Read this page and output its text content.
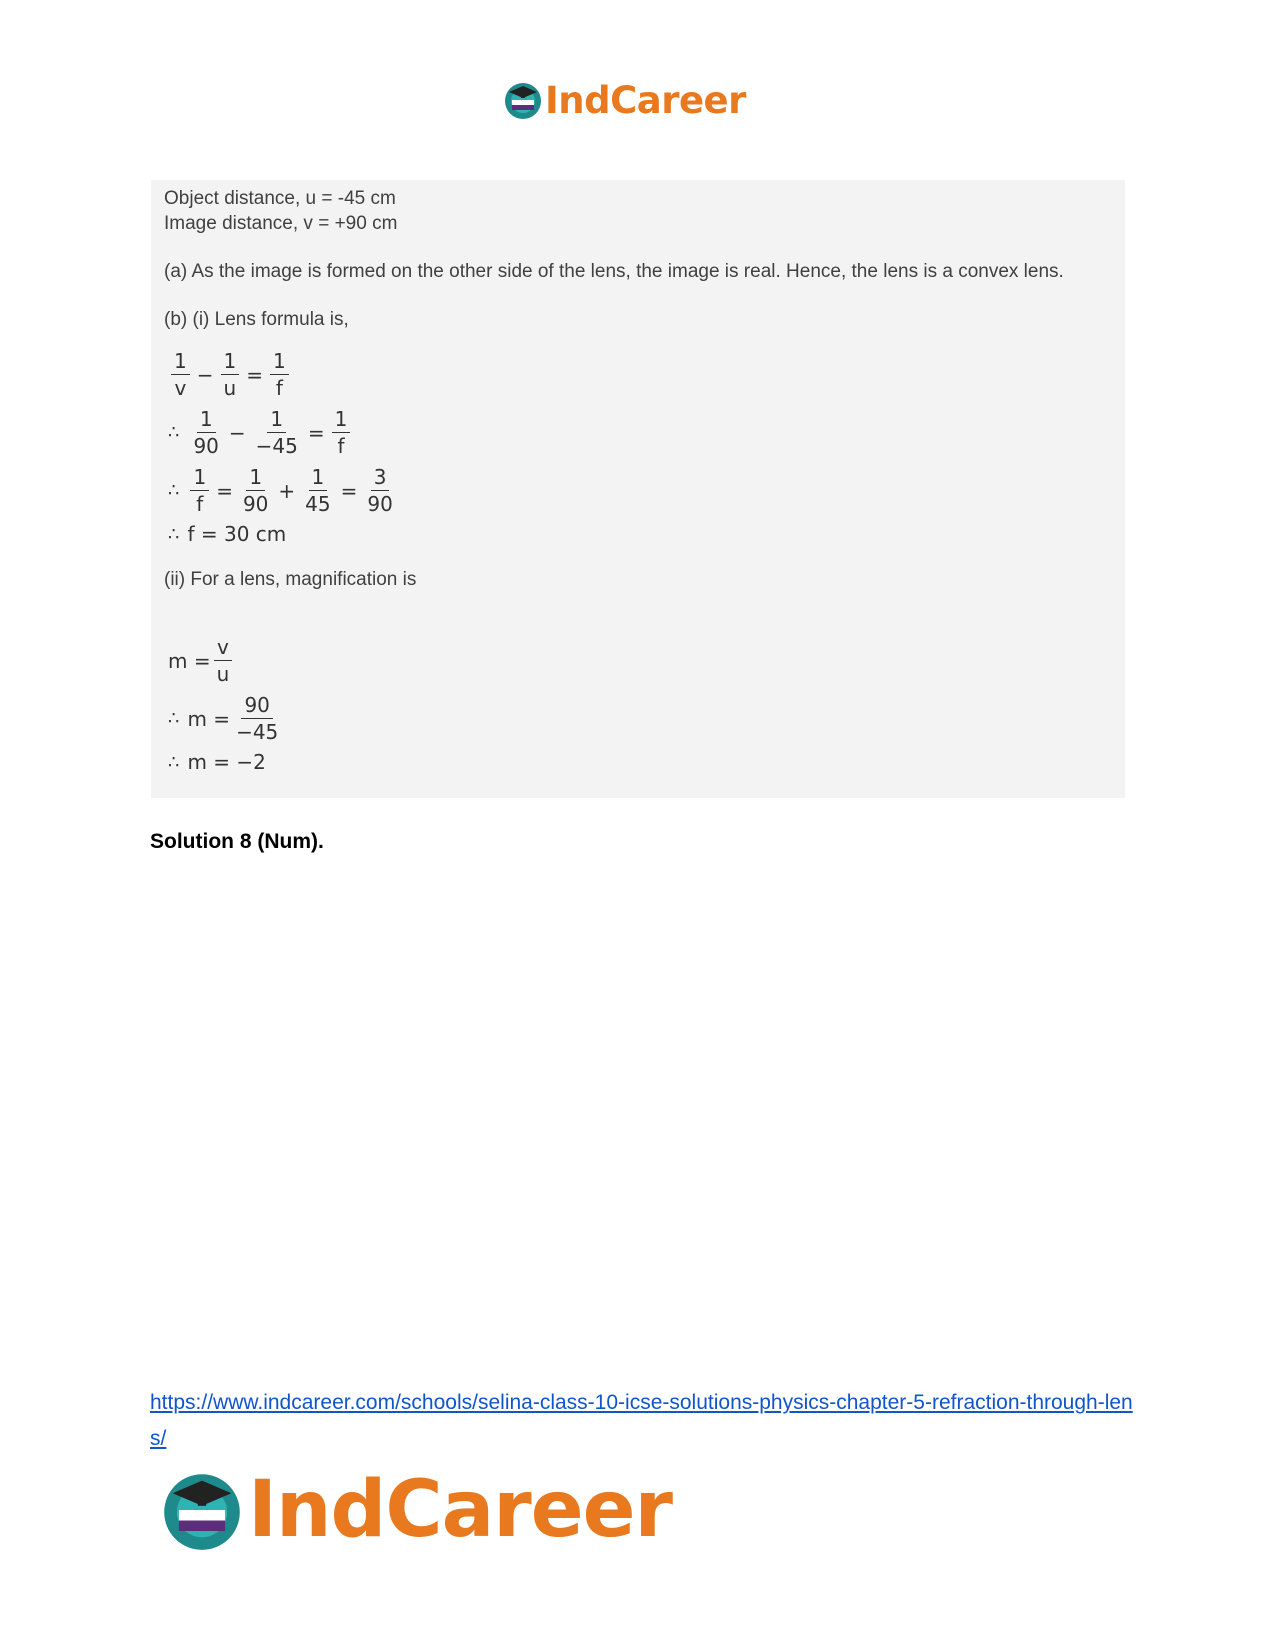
IndCareer
Object distance, u = -45 cm
Image distance, v = +90 cm
(a) As the image is formed on the other side of the lens, the image is real. Hence, the lens is a convex lens.
(b) (i) Lens formula is,
$\frac{1}{v} - \frac{1}{u} = \frac{1}{f}$
∴ $\frac{1}{90} - \frac{1}{-45} = \frac{1}{f}$
∴ $\frac{1}{f} = \frac{1}{90} + \frac{1}{45} = \frac{3}{90}$
∴ f = 30 cm
(ii) For a lens, magnification is
$m = \frac{v}{u}$
∴ $m = \frac{90}{-45}$
∴ m = −2
Solution 8 (Num).
https://www.indcareer.com/schools/selina-class-10-icse-solutions-physics-chapter-5-refraction-through-lens/
IndCareer
